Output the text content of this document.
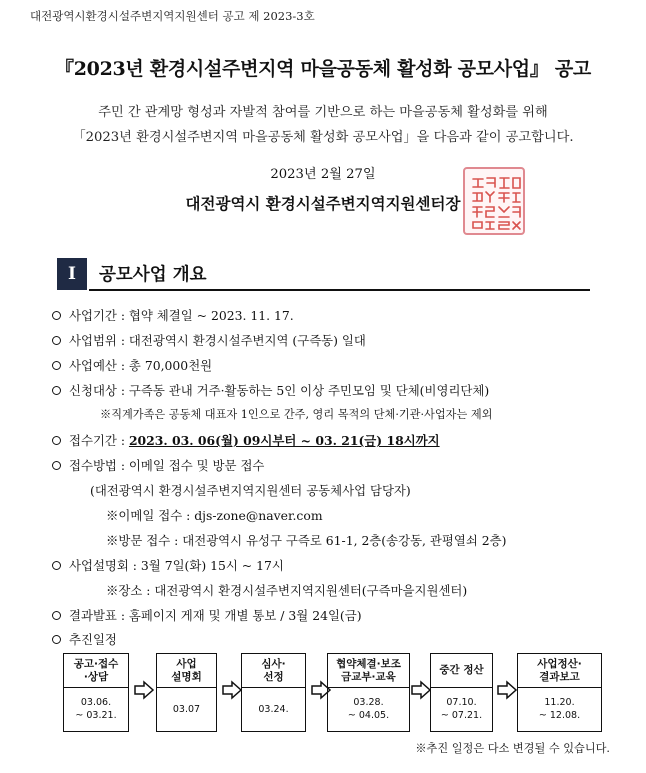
대전광역시환경시설주변지역지원센터 공고 제 2023-3호
『2023년 환경시설주변지역 마을공동체 활성화 공모사업』 공고
주민 간 관계망 형성과 자발적 참여를 기반으로 하는 마을공동체 활성화를 위해
「2023년 환경시설주변지역 마을공동체 활성화 공모사업」을 다음과 같이 공고합니다.
2023년 2월 27일
대전광역시 환경시설주변지역지원센터장
Ⅰ	공모사업 개요
사업기간 : 협약 체결일 ~ 2023. 11. 17.
사업범위 : 대전광역시 환경시설주변지역 (구즉동) 일대
사업예산 : 총 70,000천원
신청대상 : 구즉동 관내 거주·활동하는 5인 이상 주민모임 및 단체(비영리단체)
※직계가족은 공동체 대표자 1인으로 간주, 영리 목적의 단체·기관·사업자는 제외
접수기간 : 2023. 03. 06(월) 09시부터 ~ 03. 21(금) 18시까지
접수방법 : 이메일 접수 및 방문 접수
(대전광역시 환경시설주변지역지원센터 공동체사업 담당자)
※이메일 접수 : djs-zone@naver.com
※방문 접수 : 대전광역시 유성구 구즉로 61-1, 2층(송강동, 관평열쇠 2층)
사업설명회 : 3월 7일(화) 15시 ~ 17시
※장소 : 대전광역시 환경시설주변지역지원센터(구즉마을지원센터)
결과발표 : 홈페이지 게재 및 개별 통보 / 3월 24일(금)
추진일정
공고·접수
·상담
03.06.
~ 03.21.
사업
설명회
03.07
심사·
선정
03.24.
협약체결·보조
금교부·교육
03.28.
~ 04.05.
중간 정산
07.10.
~ 07.21.
사업정산·
결과보고
11.20.
~ 12.08.
※추진 일정은 다소 변경될 수 있습니다.
